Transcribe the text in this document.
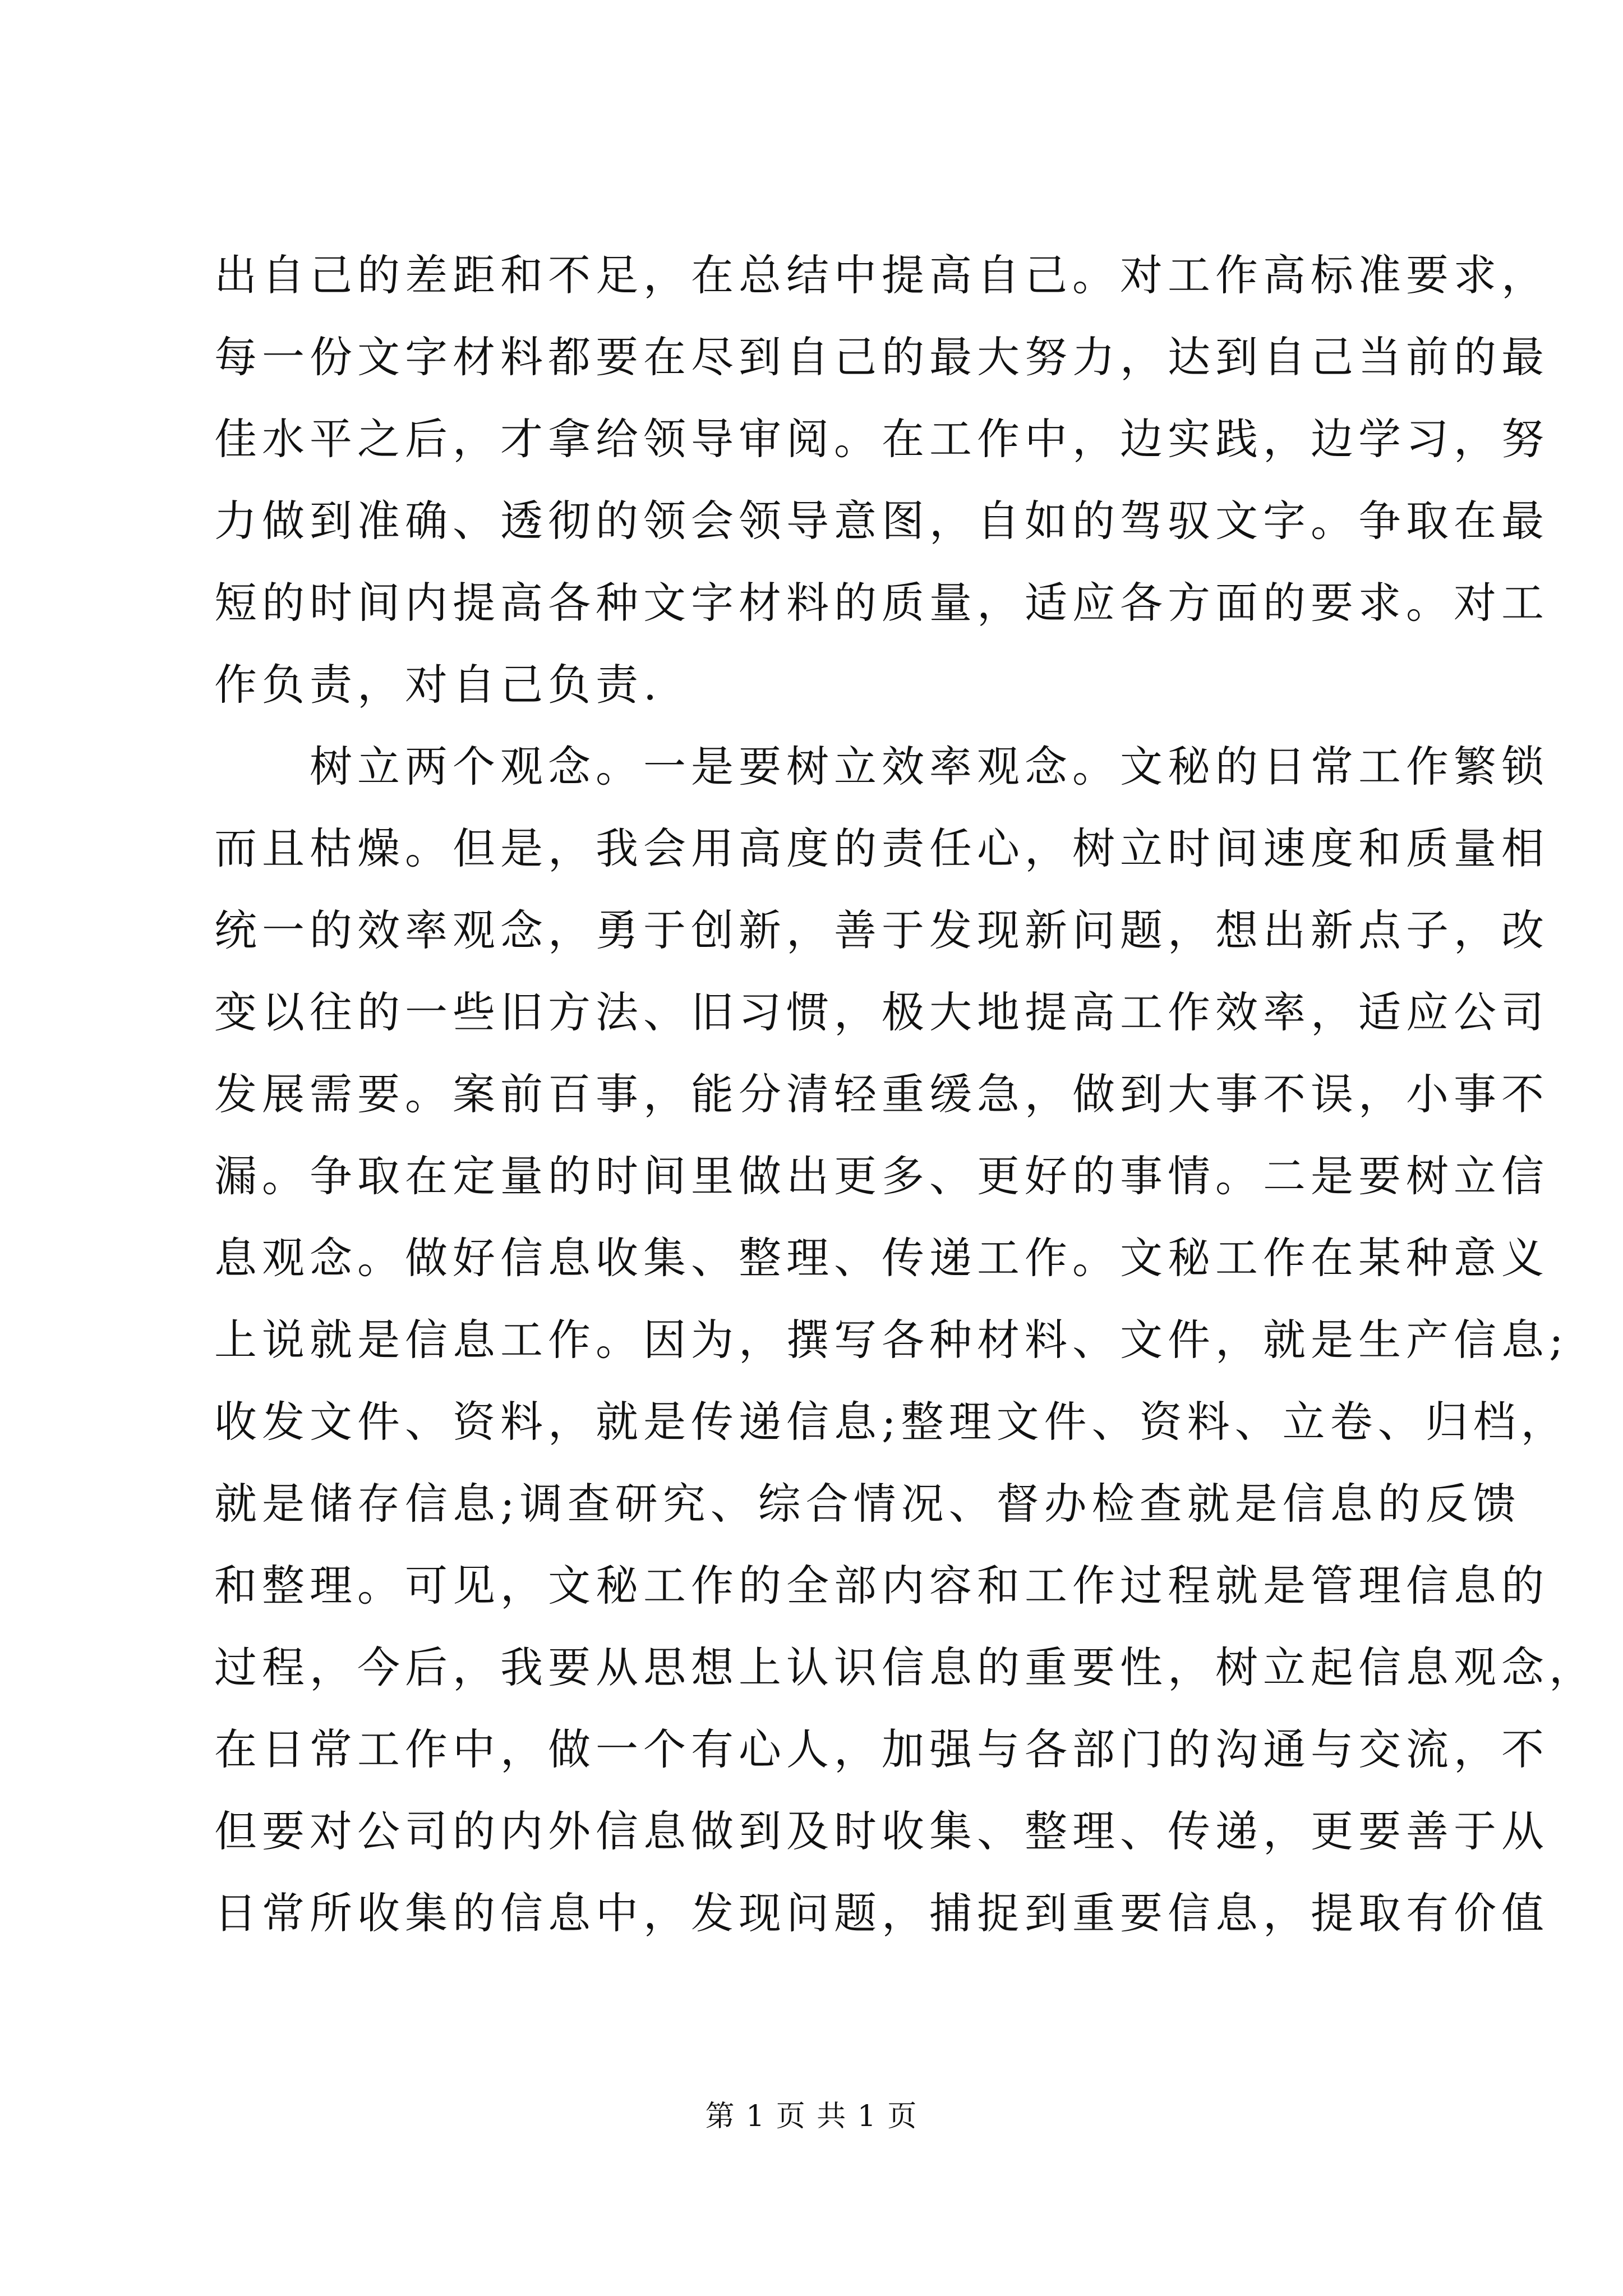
出自己的差距和不足，在总结中提高自己。对工作高标准要求，
每一份文字材料都要在尽到自己的最大努力，达到自己当前的最
佳水平之后，才拿给领导审阅。在工作中，边实践，边学习，努
力做到准确、透彻的领会领导意图，自如的驾驭文字。争取在最
短的时间内提高各种文字材料的质量，适应各方面的要求。对工
作负责，对自己负责.
树立两个观念。一是要树立效率观念。文秘的日常工作繁锁
而且枯燥。但是，我会用高度的责任心，树立时间速度和质量相
统一的效率观念，勇于创新，善于发现新问题，想出新点子，改
变以往的一些旧方法、旧习惯，极大地提高工作效率，适应公司
发展需要。案前百事，能分清轻重缓急，做到大事不误，小事不
漏。争取在定量的时间里做出更多、更好的事情。二是要树立信
息观念。做好信息收集、整理、传递工作。文秘工作在某种意义
上说就是信息工作。因为，撰写各种材料、文件，就是生产信息;
收发文件、资料，就是传递信息;整理文件、资料、立卷、归档，
就是储存信息;调查研究、综合情况、督办检查就是信息的反馈
和整理。可见，文秘工作的全部内容和工作过程就是管理信息的
过程，今后，我要从思想上认识信息的重要性，树立起信息观念，
在日常工作中，做一个有心人，加强与各部门的沟通与交流，不
但要对公司的内外信息做到及时收集、整理、传递，更要善于从
日常所收集的信息中，发现问题，捕捉到重要信息，提取有价值
第 1 页 共 1 页
